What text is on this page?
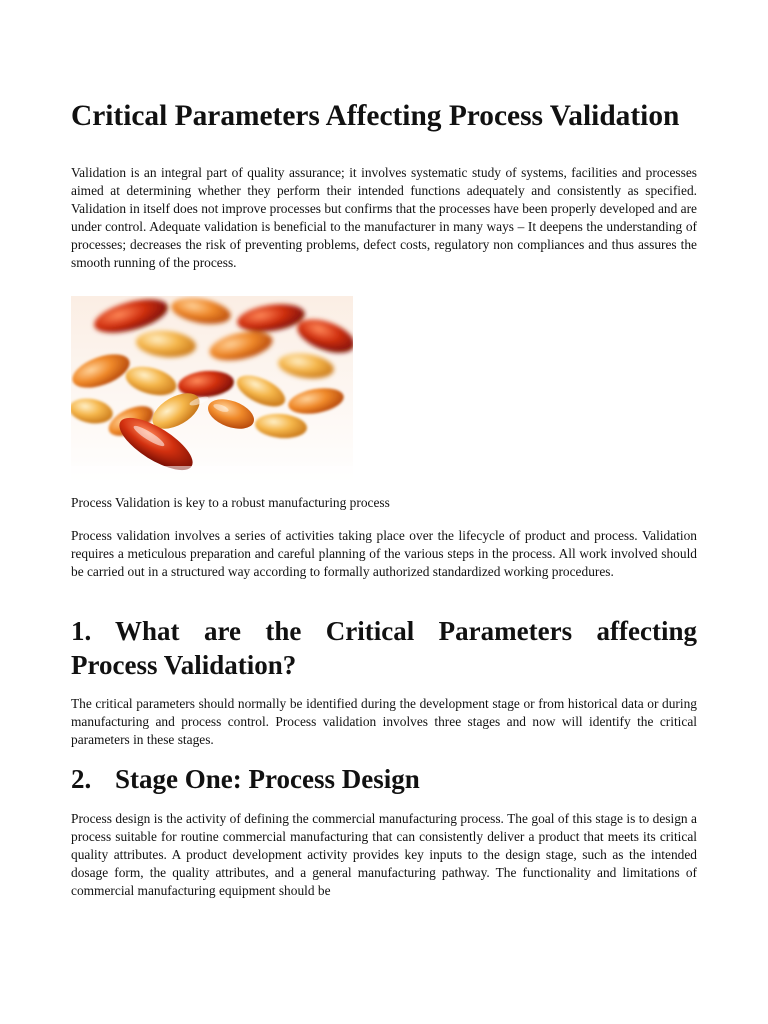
Critical Parameters Affecting Process Validation

Validation is an integral part of quality assurance; it involves systematic study of systems, facilities and processes aimed at determining whether they perform their intended functions adequately and consistently as specified. Validation in itself does not improve processes but confirms that the processes have been properly developed and are under control. Adequate validation is beneficial to the manufacturer in many ways – It deepens the understanding of processes; decreases the risk of preventing problems, defect costs, regulatory non compliances and thus assures the smooth running of the process.

Process Validation is key to a robust manufacturing process

Process validation involves a series of activities taking place over the lifecycle of product and process. Validation requires a meticulous preparation and careful planning of the various steps in the process. All work involved should be carried out in a structured way according to formally authorized standardized working procedures.

1. What are the Critical Parameters affecting Process Validation?

The critical parameters should normally be identified during the development stage or from historical data or during manufacturing and process control. Process validation involves three stages and now will identify the critical parameters in these stages.

2. Stage One: Process Design

Process design is the activity of defining the commercial manufacturing process. The goal of this stage is to design a process suitable for routine commercial manufacturing that can consistently deliver a product that meets its critical quality attributes. A product development activity provides key inputs to the design stage, such as the intended dosage form, the quality attributes, and a general manufacturing pathway. The functionality and limitations of commercial manufacturing equipment should be
